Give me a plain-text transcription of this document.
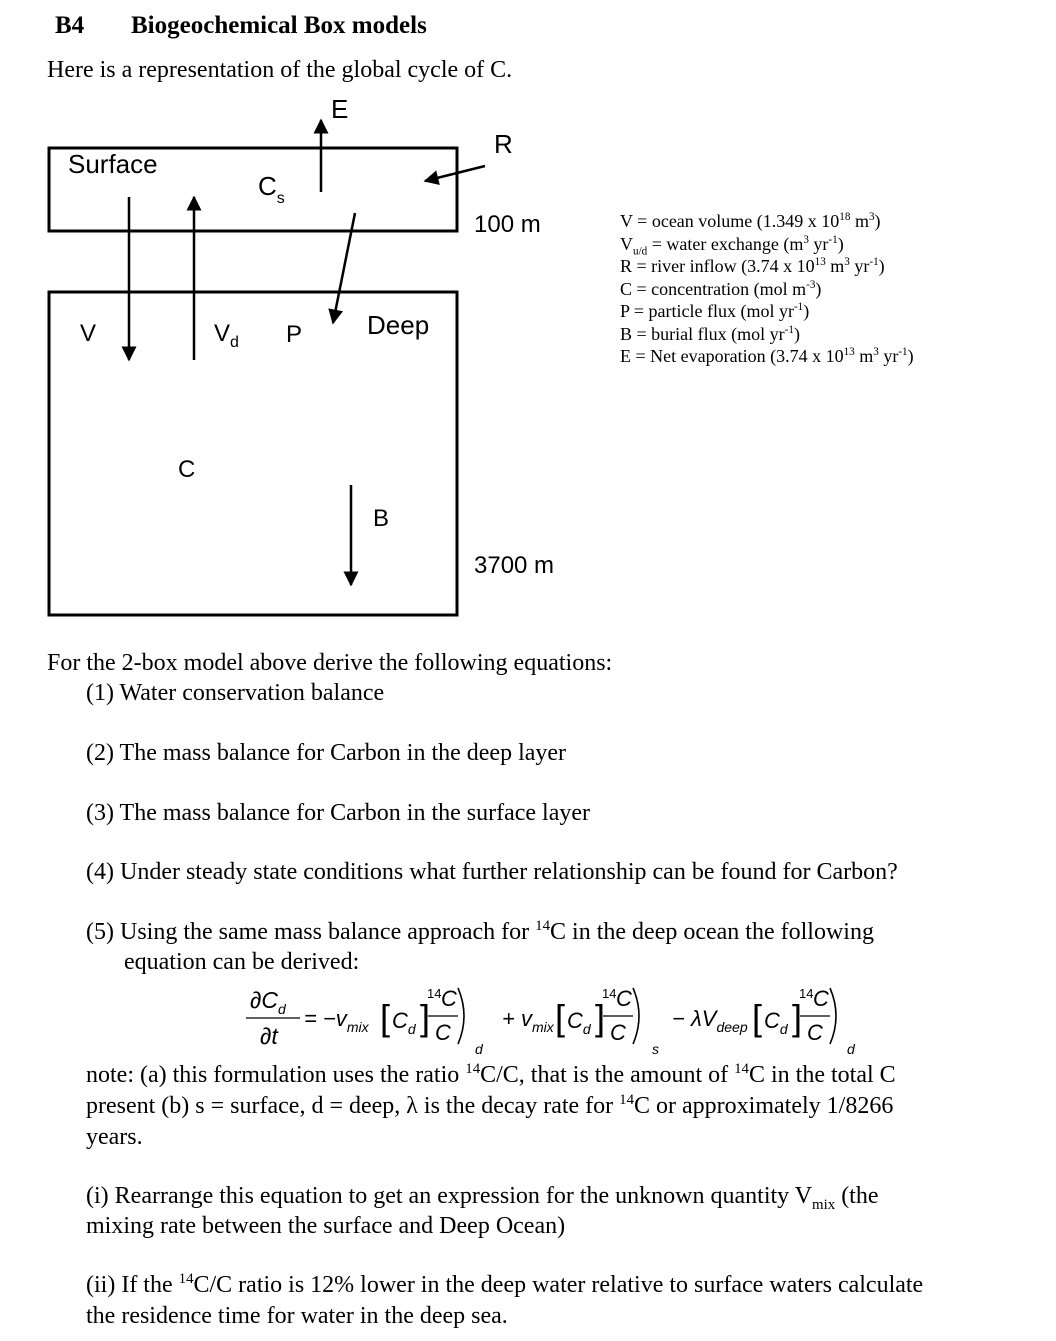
B4 Biogeochemical Box models
Here is a representation of the global cycle of C.
E
R
Surface
$C_s$
100 m
V	$V_d$ P Deep
C
B
3700 m
V = ocean volume (1.349 x $10^{18}$ $m^3$)
$V_{u/d}$ = water exchange ($m^3$ $yr^{-1}$)
R = river inflow (3.74 x $10^{13}$ $m^3$ $yr^{-1}$)
C = concentration (mol $m^{-3}$)
P = particle flux (mol $yr^{-1}$)
B = burial flux (mol $yr^{-1}$)
E = Net evaporation (3.74 x $10^{13}$ $m^3$ $yr^{-1}$)
For the 2-box model above derive the following equations:
(1) Water conservation balance
(2) The mass balance for Carbon in the deep layer
(3) The mass balance for Carbon in the surface layer
(4) Under steady state conditions what further relationship can be found for Carbon?
(5) Using the same mass balance approach for $^{14}$C in the deep ocean the following
equation can be derived:
$\partial C_d$
∂t
= $-v_{mix}$ [ $C_d$ ]
14 C
C
d
+ $v_{mix}$ [ $C_d$ ]
14 C
C
s
− $\lambda V_{deep}$ [ $C_d$ ]
14 C
C
d
note: (a) this formulation uses the ratio $^{14}$C/C, that is the amount of $^{14}$C in the total C
present (b) s = surface, d = deep, λ is the decay rate for $^{14}$C or approximately 1/8266
years.
(i) Rearrange this equation to get an expression for the unknown quantity $V_{mix}$ (the
mixing rate between the surface and Deep Ocean)
(ii) If the $^{14}$C/C ratio is 12% lower in the deep water relative to surface waters calculate
the residence time for water in the deep sea.
